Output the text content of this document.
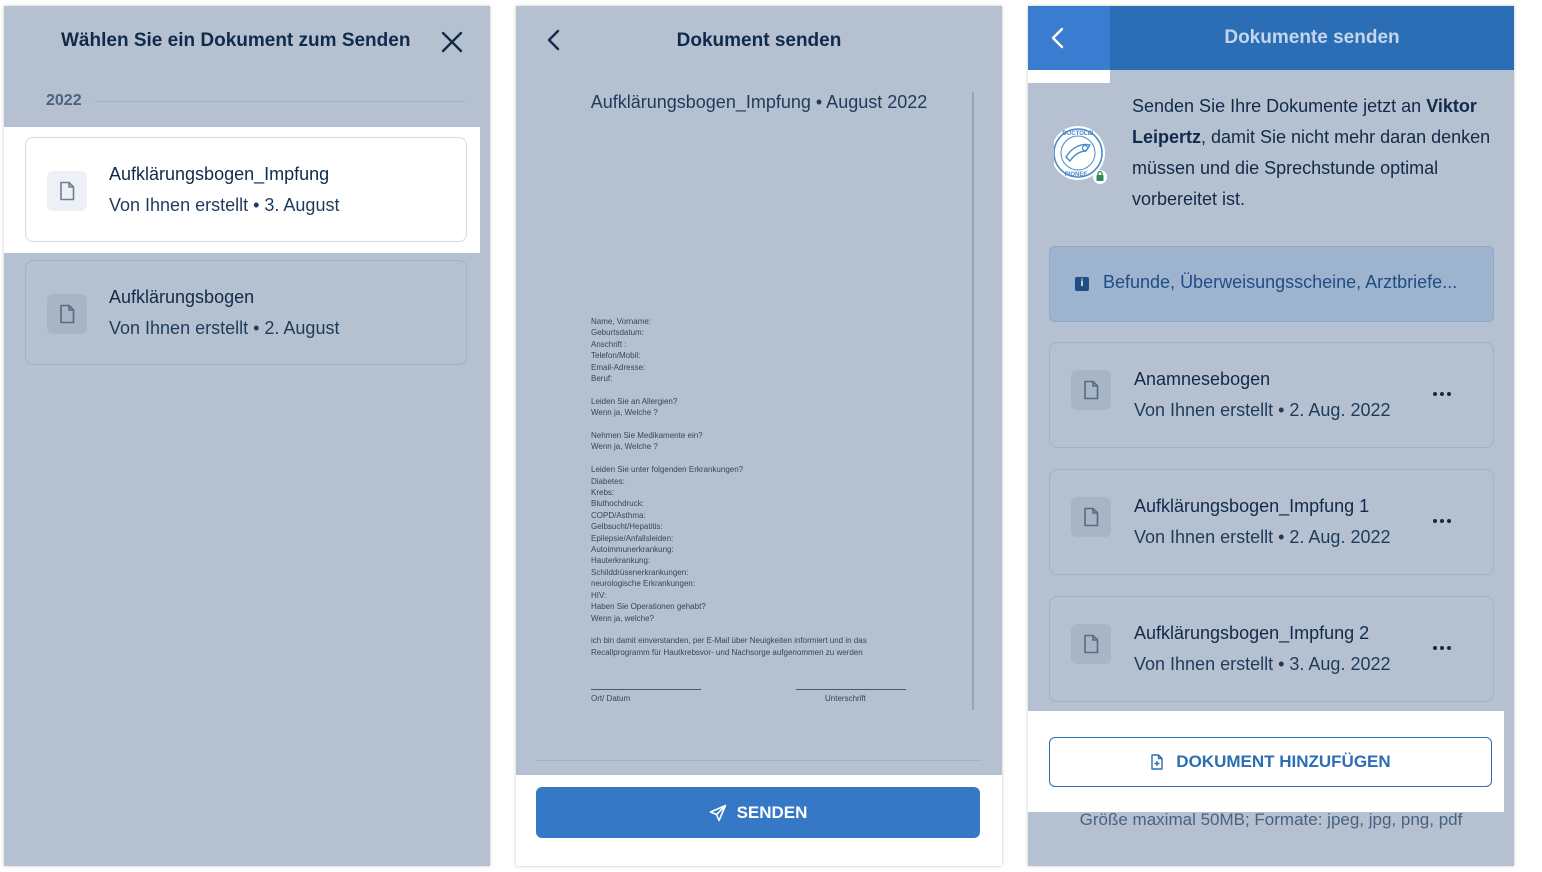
Wählen Sie ein Dokument zum Senden
2022
Aufklärungsbogen_Impfung
Von Ihnen erstellt • 3. August
Aufklärungsbogen
Von Ihnen erstellt • 2. August
Dokument senden
Aufklärungsbogen_Impfung • August 2022
Name, Vorname:
Geburtsdatum:
Anschrift :
Telefon/Mobil:
Email-Adresse:
Beruf:
Leiden Sie an Allergien?
Wenn ja, Welche ?
Nehmen Sie Medikamente ein?
Wenn ja, Welche ?
Leiden Sie unter folgenden Erkrankungen?
Diabetes:
Krebs:
Bluthochdruck:
COPD/Asthma:
Gelbsucht/Hepatitis:
Epilepsie/Anfallsleiden:
Autoimmunerkrankung:
Hauterkrankung:
Schilddrüsenerkrankungen:
neurologische Erkrankungen:
HIV:
Haben Sie Operationen gehabt?
Wenn ja, welche?
ich bin damit einverstanden, per E-Mail über Neuigkeiten informiert und in das
Recallprogramm für Hautkrebsvor- und Nachsorge aufgenommen zu werden
Ort/ Datum	Unterschrift
SENDEN
Dokumente senden
DOCTOLIB
PIONEE
Senden Sie Ihre Dokumente jetzt an Viktor Leipertz, damit Sie nicht mehr daran denken müssen und die Sprechstunde optimal vorbereitet ist.
i	Befunde, Überweisungsscheine, Arztbriefe...
Anamnesebogen
Von Ihnen erstellt • 2. Aug. 2022
Aufklärungsbogen_Impfung 1
Von Ihnen erstellt • 2. Aug. 2022
Aufklärungsbogen_Impfung 2
Von Ihnen erstellt • 3. Aug. 2022
DOKUMENT HINZUFÜGEN
Größe maximal 50MB; Formate: jpeg, jpg, png, pdf
